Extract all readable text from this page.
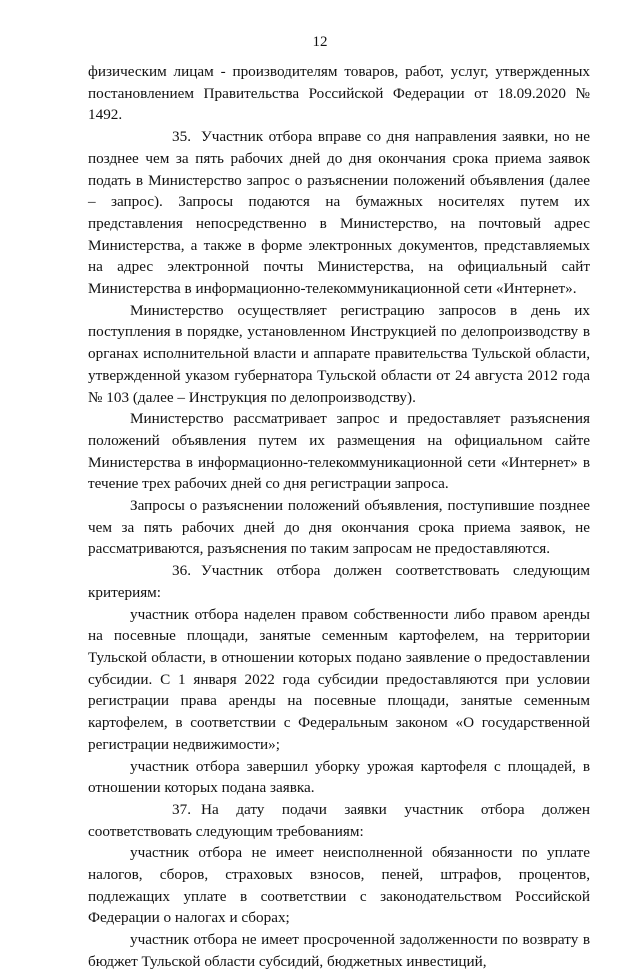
12

физическим лицам - производителям товаров, работ, услуг, утвержденных постановлением Правительства Российской Федерации от 18.09.2020 № 1492.

35. Участник отбора вправе со дня направления заявки, но не позднее чем за пять рабочих дней до дня окончания срока приема заявок подать в Министерство запрос о разъяснении положений объявления (далее – запрос). Запросы подаются на бумажных носителях путем их представления непосредственно в Министерство, на почтовый адрес Министерства, а также в форме электронных документов, представляемых на адрес электронной почты Министерства, на официальный сайт Министерства в информационно-телекоммуникационной сети «Интернет».

Министерство осуществляет регистрацию запросов в день их поступления в порядке, установленном Инструкцией по делопроизводству в органах исполнительной власти и аппарате правительства Тульской области, утвержденной указом губернатора Тульской области от 24 августа 2012 года № 103 (далее – Инструкция по делопроизводству).

Министерство рассматривает запрос и предоставляет разъяснения положений объявления путем их размещения на официальном сайте Министерства в информационно-телекоммуникационной сети «Интернет» в течение трех рабочих дней со дня регистрации запроса.

Запросы о разъяснении положений объявления, поступившие позднее чем за пять рабочих дней до дня окончания срока приема заявок, не рассматриваются, разъяснения по таким запросам не предоставляются.

36. Участник отбора должен соответствовать следующим критериям:

участник отбора наделен правом собственности либо правом аренды на посевные площади, занятые семенным картофелем, на территории Тульской области, в отношении которых подано заявление о предоставлении субсидии. С 1 января 2022 года субсидии предоставляются при условии регистрации права аренды на посевные площади, занятые семенным картофелем, в соответствии с Федеральным законом «О государственной регистрации недвижимости»;

участник отбора завершил уборку урожая картофеля с площадей, в отношении которых подана заявка.

37. На дату подачи заявки участник отбора должен соответствовать следующим требованиям:

участник отбора не имеет неисполненной обязанности по уплате налогов, сборов, страховых взносов, пеней, штрафов, процентов, подлежащих уплате в соответствии с законодательством Российской Федерации о налогах и сборах;

участник отбора не имеет просроченной задолженности по возврату в бюджет Тульской области субсидий, бюджетных инвестиций,
